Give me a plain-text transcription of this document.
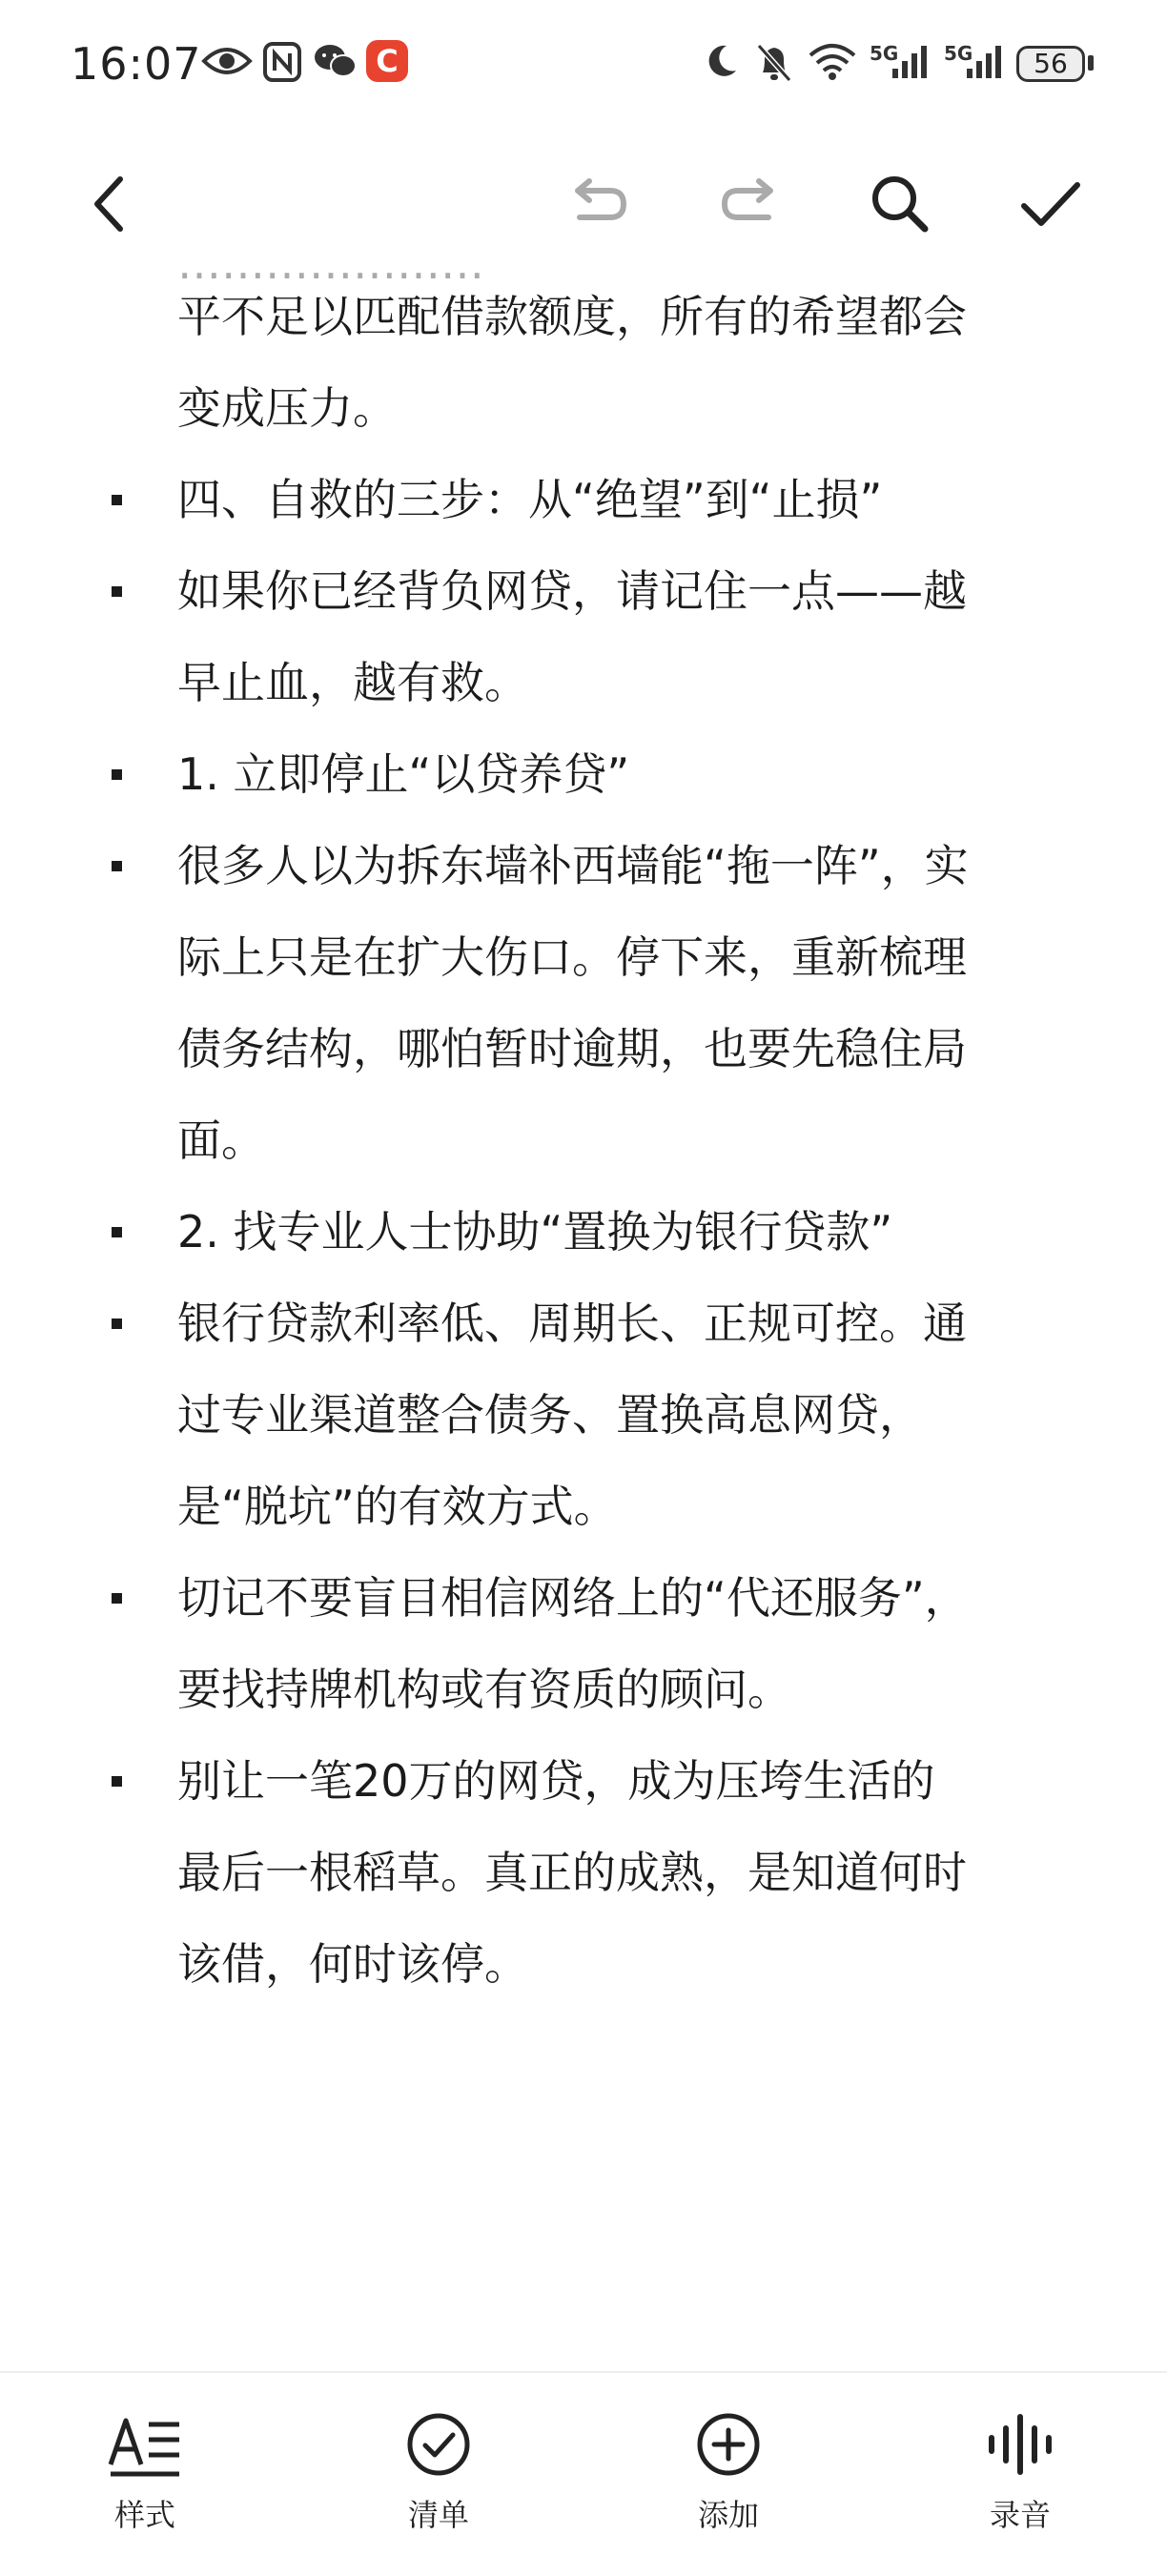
16:07	C	5G 5G	56
…………………
平不足以匹配借款额度，所有的希望都会
变成压力。
四、自救的三步：从“绝望”到“止损”
如果你已经背负网贷，请记住一点——越
早止血，越有救。
1. 立即停止“以贷养贷”
很多人以为拆东墙补西墙能“拖一阵”，实
际上只是在扩大伤口。停下来，重新梳理
债务结构，哪怕暂时逾期，也要先稳住局
面。
2. 找专业人士协助“置换为银行贷款”
银行贷款利率低、周期长、正规可控。通
过专业渠道整合债务、置换高息网贷，
是“脱坑”的有效方式。
切记不要盲目相信网络上的“代还服务”，
要找持牌机构或有资质的顾问。
别让一笔20万的网贷，成为压垮生活的
最后一根稻草。真正的成熟，是知道何时
该借，何时该停。
样式	清单	添加	录音
